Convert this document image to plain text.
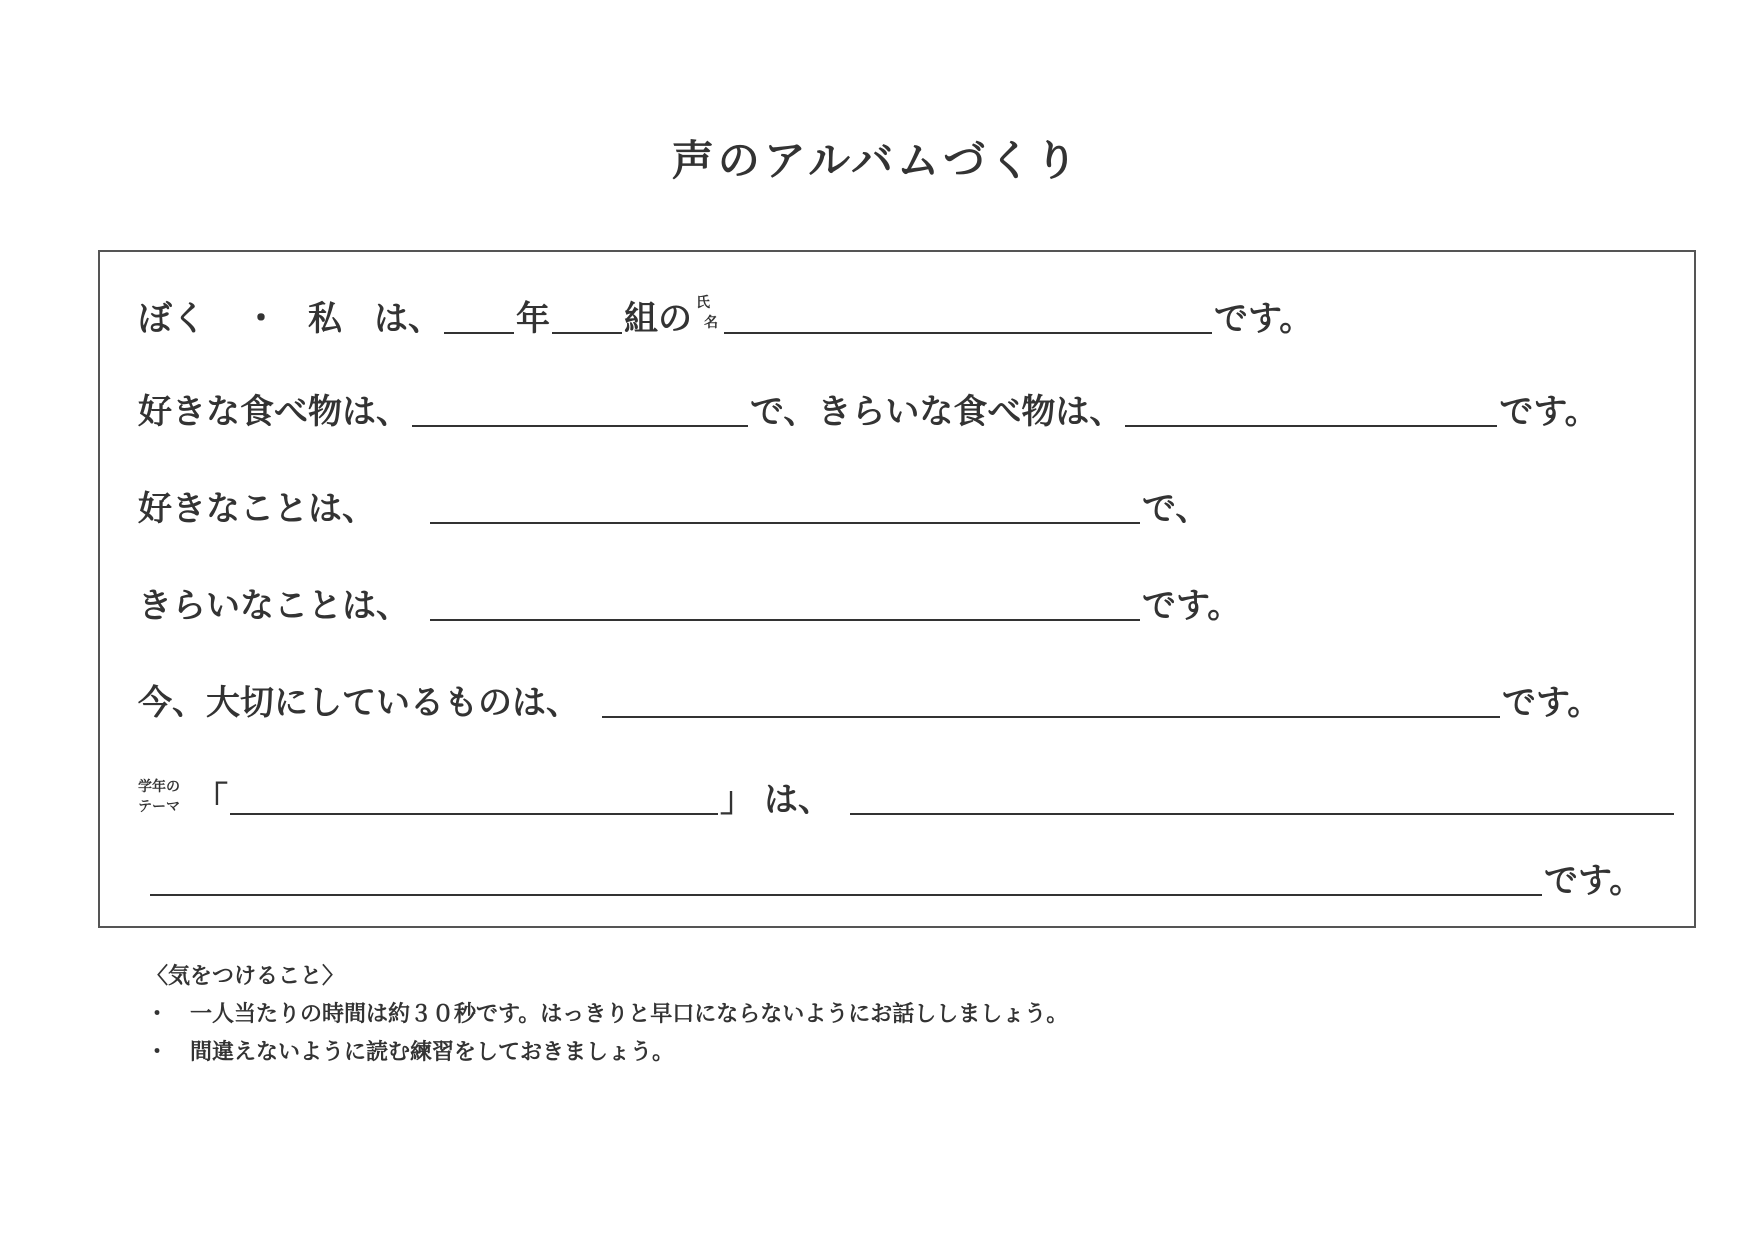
声のアルバムづくり
ぼく ・ 私 は、 年 組の 氏
名	です。
好きな食べ物は、	で、きらいな食べ物は、	です。
好きなことは、	で、
きらいなことは、	です。
今、大切にしているものは、	です。
学年の
テーマ 「	」 は、
です。
〈気をつけること〉
・　一人当たりの時間は約３０秒です。はっきりと早口にならないようにお話ししましょう。
・　間違えないように読む練習をしておきましょう。
